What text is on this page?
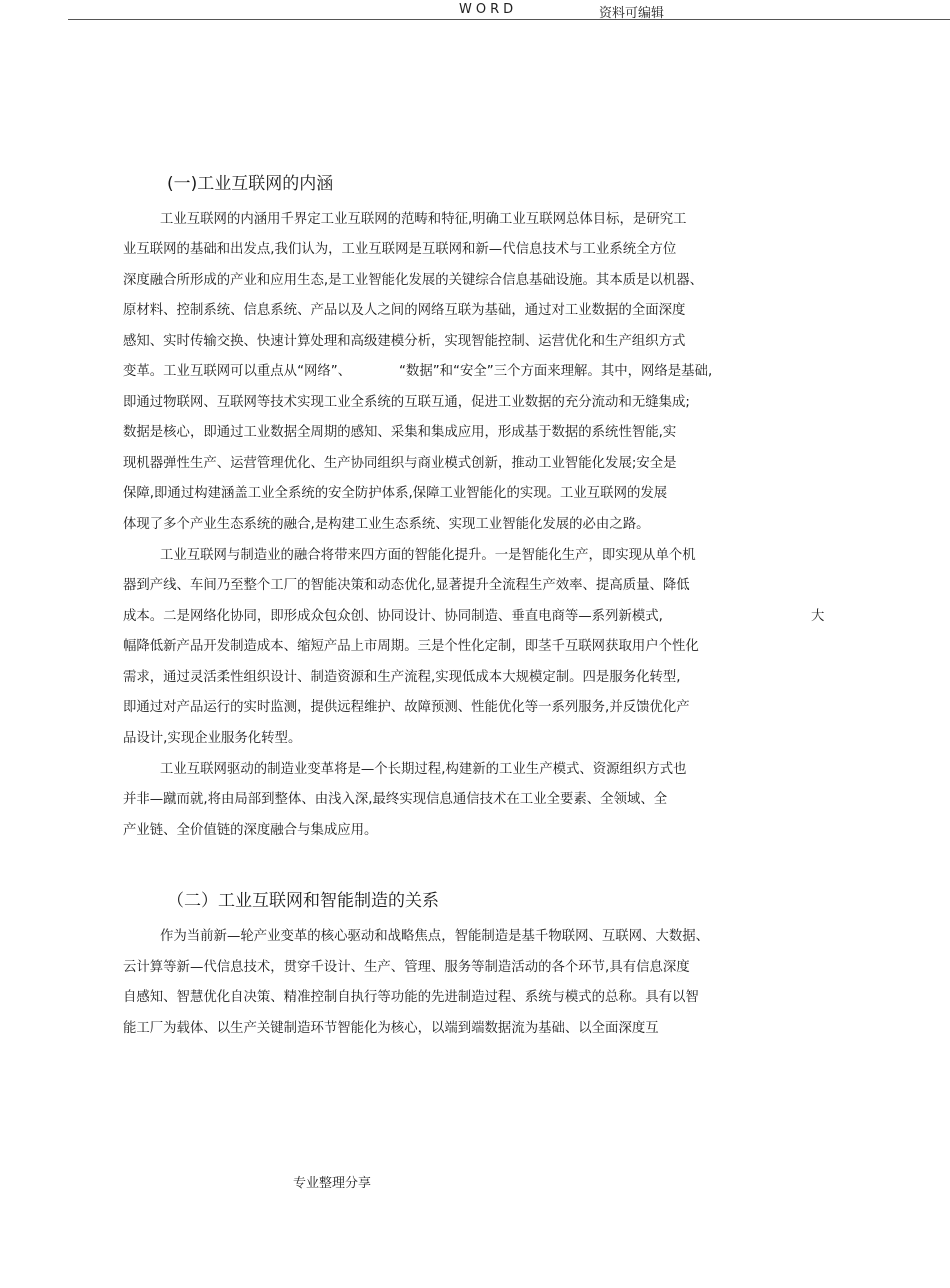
WORD	资料可编辑
(一)工业互联网的内涵
工业互联网的内涵用千界定工业互联网的范畴和特征,明确工业互联网总体目标，是研究工
业互联网的基础和出发点,我们认为，工业互联网是互联网和新—代信息技术与工业系统全方位
深度融合所形成的产业和应用生态,是工业智能化发展的关键综合信息基础设施。其本质是以机器、
原材料、控制系统、信息系统、产品以及人之间的网络互联为基础，通过对工业数据的全面深度
感知、实时传输交换、快速计算处理和高级建模分析，实现智能控制、运营优化和生产组织方式
变革。工业互联网可以重点从“网络”、	“数据”和“安全”三个方面来理解。其中，网络是基础,
即通过物联网、互联网等技术实现工业全系统的互联互通，促进工业数据的充分流动和无缝集成;
数据是核心，即通过工业数据全周期的感知、采集和集成应用，形成基于数据的系统性智能,实
现机器弹性生产、运营管理优化、生产协同组织与商业模式创新，推动工业智能化发展;安全是
保障,即通过构建涵盖工业全系统的安全防护体系,保障工业智能化的实现。工业互联网的发展
体现了多个产业生态系统的融合,是构建工业生态系统、实现工业智能化发展的必由之路。
工业互联网与制造业的融合将带来四方面的智能化提升。一是智能化生产，即实现从单个机
器到产线、车间乃至整个工厂的智能决策和动态优化,显著提升全流程生产效率、提高质量、降低
成本。二是网络化协同，即形成众包众创、协同设计、协同制造、垂直电商等—系列新模式,	大
幅降低新产品开发制造成本、缩短产品上市周期。三是个性化定制，即茎千互联网获取用户个性化
需求，通过灵活柔性组织设计、制造资源和生产流程,实现低成本大规模定制。四是服务化转型,
即通过对产品运行的实时监测，提供远程维护、故障预测、性能优化等一系列服务,并反馈优化产
品设计,实现企业服务化转型。
工业互联网驱动的制造业变革将是—个长期过程,构建新的工业生产模式、资源组织方式也
并非—蹴而就,将由局部到整体、由浅入深,最终实现信息通信技术在工业全要素、全领域、全
产业链、全价值链的深度融合与集成应用。
（二）工业互联网和智能制造的关系
作为当前新—轮产业变革的核心驱动和战略焦点，智能制造是基千物联网、互联网、大数据、
云计算等新—代信息技术，贯穿千设计、生产、管理、服务等制造活动的各个环节,具有信息深度
自感知、智慧优化自决策、精准控制自执行等功能的先进制造过程、系统与模式的总称。具有以智
能工厂为载体、以生产关键制造环节智能化为核心，以端到端数据流为基础、以全面深度互
专业整理分享
